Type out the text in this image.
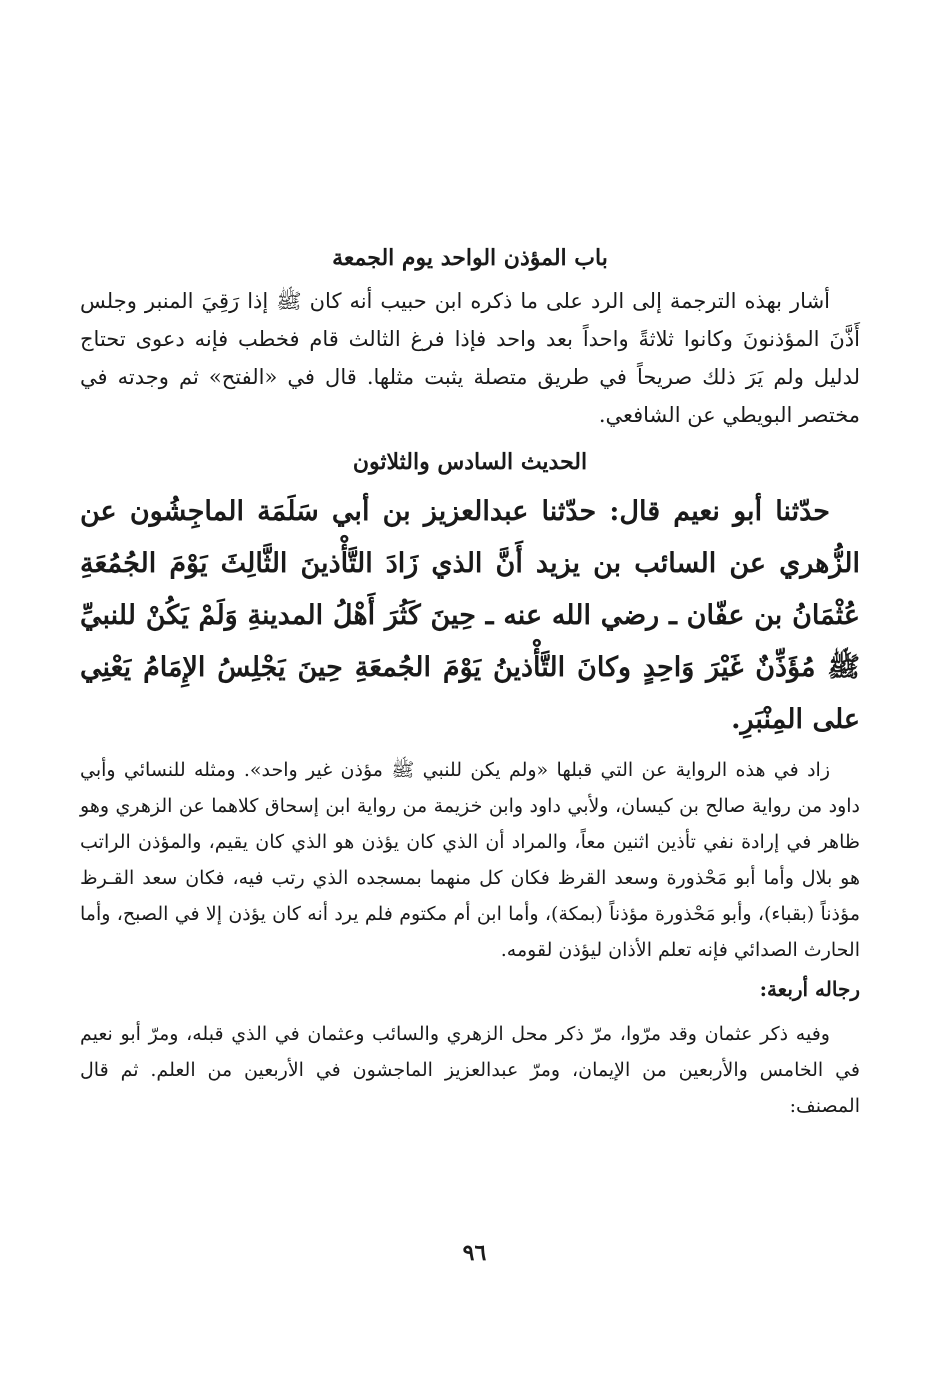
باب المؤذن الواحد يوم الجمعة

أشار بهذه الترجمة إلى الرد على ما ذكره ابن حبيب أنه كان ﷺ إذا رَقِيَ المنبر وجلس أَذَّنَ المؤذنونَ وكانوا ثلاثةً واحداً بعد واحد فإذا فرغ الثالث قام فخطب فإنه دعوى تحتاج لدليل ولم يَرَ ذلك صريحاً في طريق متصلة يثبت مثلها. قال في «الفتح» ثم وجدته في مختصر البويطي عن الشافعي.

الحديث السادس والثلاثون

حدّثنا أبو نعيم قال: حدّثنا عبدالعزيز بن أبي سَلَمَة الماجِشُون عن الزُّهري عن السائب بن يزيد أَنَّ الذي زَادَ التَّأْذينَ الثَّالِثَ يَوْمَ الجُمُعَةِ عُثْمَانُ بن عفّان ـ رضي الله عنه ـ حِينَ كَثُرَ أَهْلُ المدينةِ وَلَمْ يَكُنْ للنبيِّ ﷺ مُؤَذِّنٌ غَيْرَ وَاحِدٍ وكانَ التَّأْذينُ يَوْمَ الجُمعَةِ حِينَ يَجْلِسُ الإِمَامُ يَعْنِي على المِنْبَرِ.

زاد في هذه الرواية عن التي قبلها «ولم يكن للنبي ﷺ مؤذن غير واحد». ومثله للنسائي وأبي داود من رواية صالح بن كيسان، ولأبي داود وابن خزيمة من رواية ابن إسحاق كلاهما عن الزهري وهو ظاهر في إرادة نفي تأذين اثنين معاً، والمراد أن الذي كان يؤذن هو الذي كان يقيم، والمؤذن الراتب هو بلال وأما أبو مَحْذورة وسعد القرظ فكان كل منهما بمسجده الذي رتب فيه، فكان سعد القـرظ مؤذناً (بقباء)، وأبو مَحْذورة مؤذناً (بمكة)، وأما ابن أم مكتوم فلم يرد أنه كان يؤذن إلا في الصبح، وأما الحارث الصدائي فإنه تعلم الأذان ليؤذن لقومه.

رجاله أربعة:

وفيه ذكر عثمان وقد مرّوا، مرّ ذكر محل الزهري والسائب وعثمان في الذي قبله، ومرّ أبو نعيم في الخامس والأربعين من الإيمان، ومرّ عبدالعزيز الماجشون في الأربعين من العلم. ثم قال المصنف:

٩٦
